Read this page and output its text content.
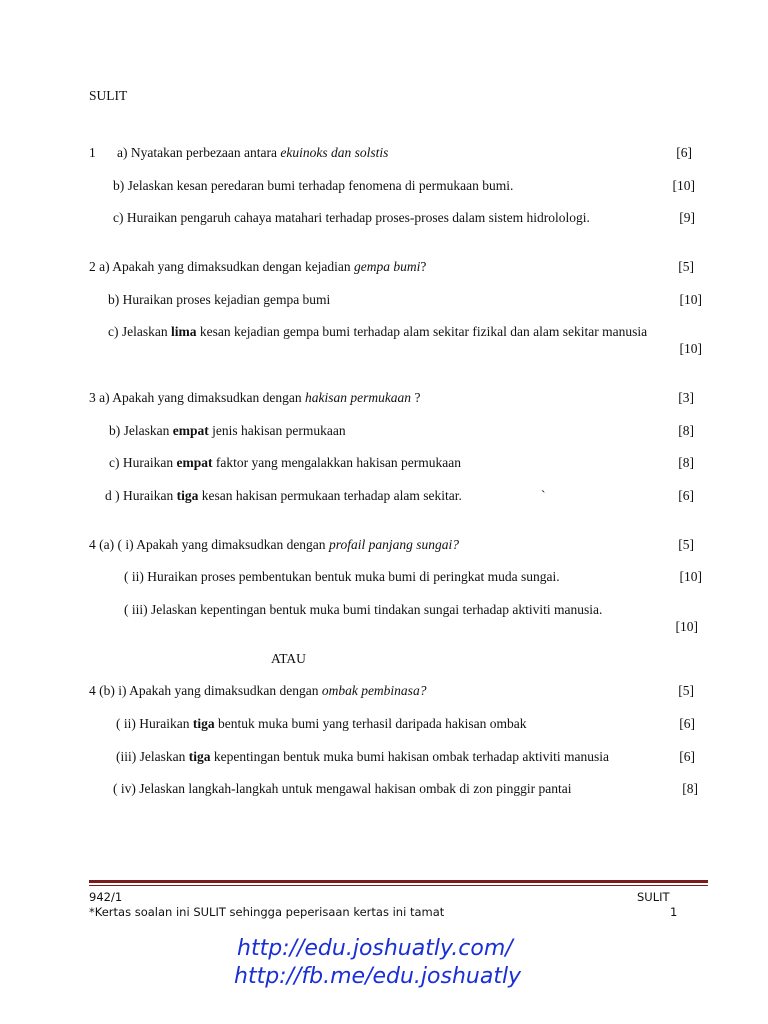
SULIT
1 a) Nyatakan perbezaan antara ekuinoks dan solstis	[6]
b) Jelaskan kesan peredaran bumi terhadap fenomena di permukaan bumi.	[10]
c) Huraikan pengaruh cahaya matahari terhadap proses-proses dalam sistem hidrolologi.	[9]
2 a) Apakah yang dimaksudkan dengan kejadian gempa bumi?	[5]
b) Huraikan proses kejadian gempa bumi	[10]
c) Jelaskan lima kesan kejadian gempa bumi terhadap alam sekitar fizikal dan alam sekitar manusia
[10]
3 a) Apakah yang dimaksudkan dengan hakisan permukaan ?	[3]
b) Jelaskan empat jenis hakisan permukaan	[8]
c) Huraikan empat faktor yang mengalakkan hakisan permukaan	[8]
d ) Huraikan tiga kesan hakisan permukaan terhadap alam sekitar.	`	[6]
4 (a) ( i) Apakah yang dimaksudkan dengan profail panjang sungai?	[5]
( ii) Huraikan proses pembentukan bentuk muka bumi di peringkat muda sungai.	[10]
( iii) Jelaskan kepentingan bentuk muka bumi tindakan sungai terhadap aktiviti manusia.
[10]
ATAU
4 (b) i) Apakah yang dimaksudkan dengan ombak pembinasa?	[5]
( ii) Huraikan tiga bentuk muka bumi yang terhasil daripada hakisan ombak	[6]
(iii) Jelaskan tiga kepentingan bentuk muka bumi hakisan ombak terhadap aktiviti manusia	[6]
( iv) Jelaskan langkah-langkah untuk mengawal hakisan ombak di zon pinggir pantai	[8]
942/1	SULIT
*Kertas soalan ini SULIT sehingga peperisaan kertas ini tamat	1
http://edu.joshuatly.com/
http://fb.me/edu.joshuatly
